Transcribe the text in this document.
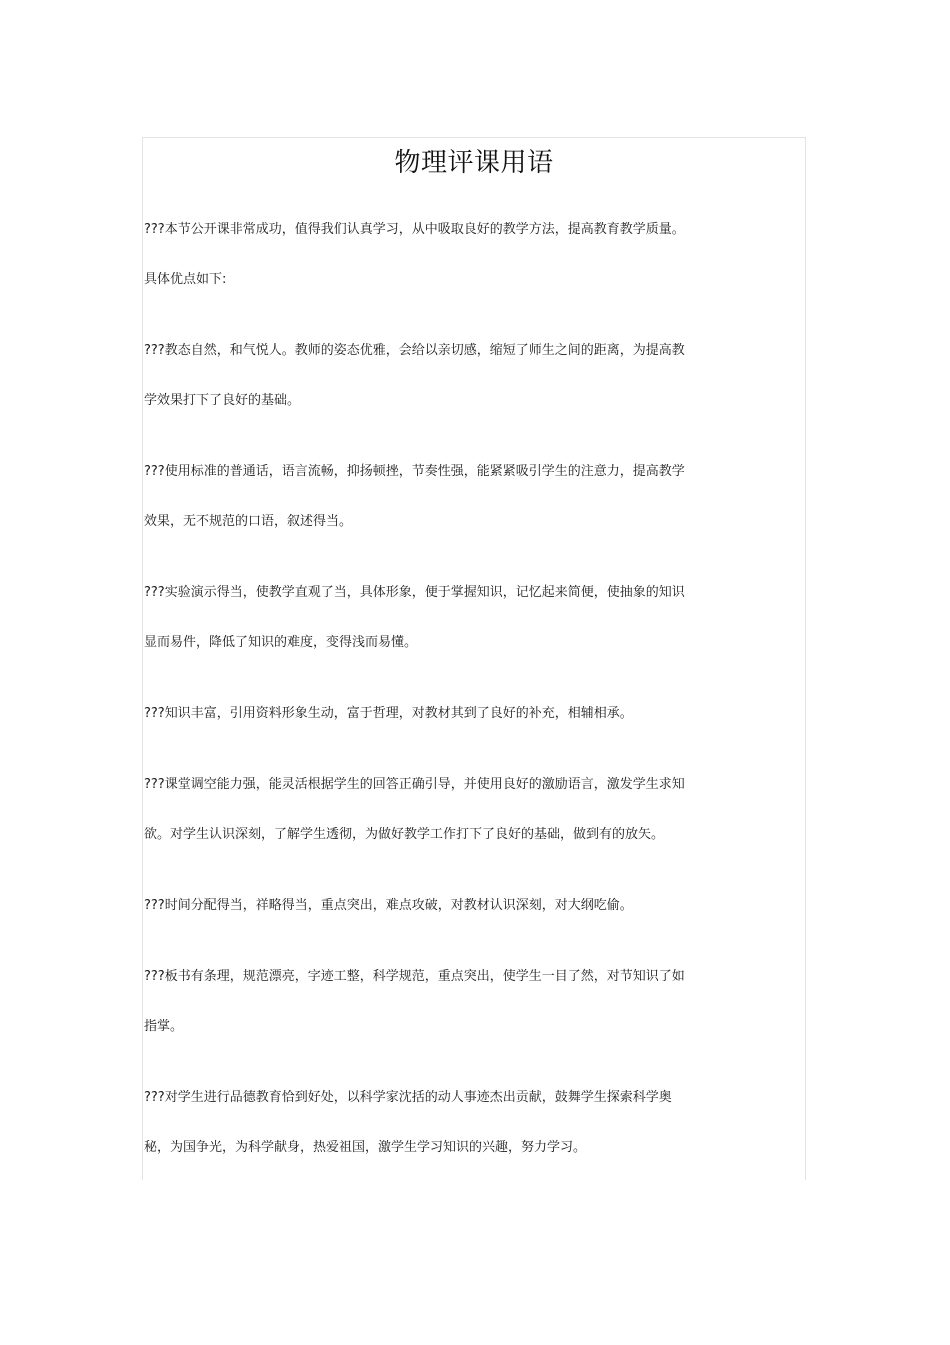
物理评课用语
???本节公开课非常成功，值得我们认真学习，从中吸取良好的教学方法，提高教育教学质量。
具体优点如下:
???教态自然，和气悦人。教师的姿态优雅，会给以亲切感，缩短了师生之间的距离，为提高教
学效果打下了良好的基础。
???使用标准的普通话，语言流畅，抑扬顿挫，节奏性强，能紧紧吸引学生的注意力，提高教学
效果，无不规范的口语，叙述得当。
???实验演示得当，使教学直观了当，具体形象，便于掌握知识，记忆起来简便，使抽象的知识
显而易件，降低了知识的难度，变得浅而易懂。
???知识丰富，引用资料形象生动，富于哲理，对教材其到了良好的补充，相辅相承。
???课堂调空能力强，能灵活根据学生的回答正确引导，并使用良好的激励语言，激发学生求知
欲。对学生认识深刻，了解学生透彻，为做好教学工作打下了良好的基础，做到有的放矢。
???时间分配得当，祥略得当，重点突出，难点攻破，对教材认识深刻，对大纲吃偷。
???板书有条理，规范漂亮，字迹工整，科学规范，重点突出，使学生一目了然，对节知识了如
指掌。
???对学生进行品德教育恰到好处，以科学家沈括的动人事迹杰出贡献，鼓舞学生探索科学奥
秘，为国争光，为科学献身，热爱祖国，激学生学习知识的兴趣，努力学习。
